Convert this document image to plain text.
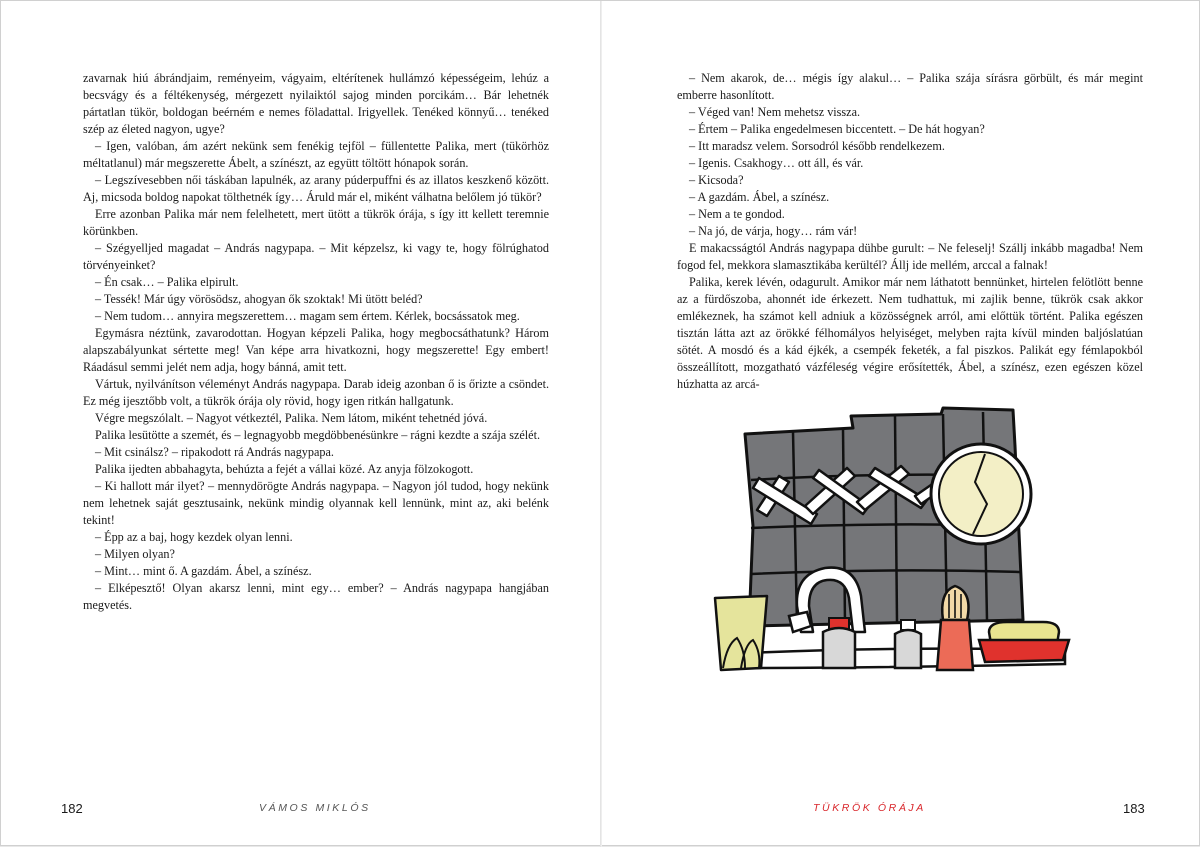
zavarnak hiú ábrándjaim, reményeim, vágyaim, eltérítenek hullámzó képességeim, lehúz a becsvágy és a féltékenység, mérgezett nyilaiktól sajog minden porcikám… Bár lehetnék pártatlan tükör, boldogan beérném e nemes föladattal. Irigyellek. Tenéked könnyű… tenéked szép az életed nagyon, ugye?

– Igen, valóban, ám azért nekünk sem fenékig tejföl – füllentette Palika, mert (tükörhöz méltatlanul) már megszerette Ábelt, a színészt, az együtt töltött hónapok során.

– Legszívesebben női táskában lapulnék, az arany púderpuffni és az illatos keszkenő között. Aj, micsoda boldog napokat tölthetnék így… Áruld már el, miként válhatna belőlem jó tükör?

Erre azonban Palika már nem felelhetett, mert ütött a tükrök órája, s így itt kellett teremnie körünkben.

– Szégyelljed magadat – András nagypapa. – Mit képzelsz, ki vagy te, hogy fölrúghatod törvényeinket?

– Én csak… – Palika elpirult.

– Tessék! Már úgy vörösödsz, ahogyan ők szoktak! Mi ütött beléd?

– Nem tudom… annyira megszerettem… magam sem értem. Kérlek, bocsássatok meg.

Egymásra néztünk, zavarodottan. Hogyan képzeli Palika, hogy megbocsáthatunk? Három alapszabályunkat sértette meg! Van képe arra hivatkozni, hogy megszerette! Egy embert! Ráadásul semmi jelét nem adja, hogy bánná, amit tett.

Vártuk, nyilvánítson véleményt András nagypapa. Darab ideig azonban ő is őrizte a csöndet. Ez még ijesztőbb volt, a tükrök órája oly rövid, hogy igen ritkán hallgatunk.

Végre megszólalt. – Nagyot vétkeztél, Palika. Nem látom, miként tehetnéd jóvá.

Palika lesütötte a szemét, és – legnagyobb megdöbbenésünkre – rágni kezdte a szája szélét.

– Mit csinálsz? – ripakodott rá András nagypapa.

Palika ijedten abbahagyta, behúzta a fejét a vállai közé. Az anyja fölzokogott.

– Ki hallott már ilyet? – mennydörögte András nagypapa. – Nagyon jól tudod, hogy nekünk nem lehetnek saját gesztusaink, nekünk mindig olyannak kell lennünk, mint az, aki belénk tekint!

– Épp az a baj, hogy kezdek olyan lenni.

– Milyen olyan?

– Mint… mint ő. A gazdám. Ábel, a színész.

– Elképesztő! Olyan akarsz lenni, mint egy… ember? – András nagypapa hangjában megvetés.

182	VÁMOS MIKLÓS

– Nem akarok, de… mégis így alakul… – Palika szája sírásra görbült, és már megint emberre hasonlított.

– Véged van! Nem mehetsz vissza.

– Értem – Palika engedelmesen biccentett. – De hát hogyan?

– Itt maradsz velem. Sorsodról később rendelkezem.

– Igenis. Csakhogy… ott áll, és vár.

– Kicsoda?

– A gazdám. Ábel, a színész.

– Nem a te gondod.

– Na jó, de várja, hogy… rám vár!

E makacsságtól András nagypapa dühbe gurult: – Ne feleselj! Szállj inkább magadba! Nem fogod fel, mekkora slamasztikába kerültél? Állj ide mellém, arccal a falnak!

Palika, kerek lévén, odagurult. Amikor már nem láthatott bennünket, hirtelen felötlött benne az a fürdőszoba, ahonnét ide érkezett. Nem tudhattuk, mi zajlik benne, tükrök csak akkor emlékeznek, ha számot kell adniuk a közösségnek arról, ami előttük történt. Palika egészen tisztán látta azt az örökké félhomályos helyiséget, melyben rajta kívül minden baljóslatúan sötét. A mosdó és a kád éjkék, a csempék feketék, a fal piszkos. Palikát egy fémlapokból összeállított, mozgatható vázféleség végire erősítették, Ábel, a színész, ezen egészen közel húzhatta az arcá-

TÜKRÖK ÓRÁJA	183
